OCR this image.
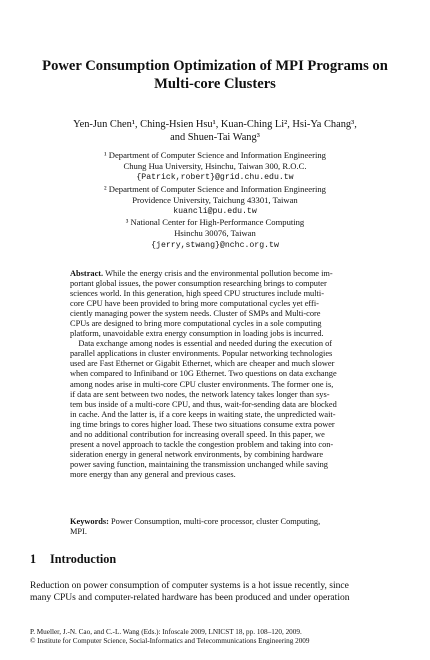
Power Consumption Optimization of MPI Programs on
Multi-core Clusters
Yen-Jun Chen¹, Ching-Hsien Hsu¹, Kuan-Ching Li², Hsi-Ya Chang³,
and Shuen-Tai Wang³
¹ Department of Computer Science and Information Engineering
Chung Hua University, Hsinchu, Taiwan 300, R.O.C.
{Patrick,robert}@grid.chu.edu.tw
² Department of Computer Science and Information Engineering
Providence University, Taichung 43301, Taiwan
kuancli@pu.edu.tw
³ National Center for High-Performance Computing
Hsinchu 30076, Taiwan
{jerry,stwang}@nchc.org.tw

Abstract. While the energy crisis and the environmental pollution become im-

portant global issues, the power consumption researching brings to computer

sciences world. In this generation, high speed CPU structures include multi-

core CPU have been provided to bring more computational cycles yet effi-

ciently managing power the system needs. Cluster of SMPs and Multi-core

CPUs are designed to bring more computational cycles in a sole computing

platform, unavoidable extra energy consumption in loading jobs is incurred.

Data exchange among nodes is essential and needed during the execution of

parallel applications in cluster environments. Popular networking technologies

used are Fast Ethernet or Gigabit Ethernet, which are cheaper and much slower

when compared to Infiniband or 10G Ethernet. Two questions on data exchange

among nodes arise in multi-core CPU cluster environments. The former one is,

if data are sent between two nodes, the network latency takes longer than sys-

tem bus inside of a multi-core CPU, and thus, wait-for-sending data are blocked

in cache. And the latter is, if a core keeps in waiting state, the unpredicted wait-

ing time brings to cores higher load. These two situations consume extra power

and no additional contribution for increasing overall speed. In this paper, we

present a novel approach to tackle the congestion problem and taking into con-

sideration energy in general network environments, by combining hardware

power saving function, maintaining the transmission unchanged while saving

more energy than any general and previous cases.

Keywords: Power Consumption, multi-core processor, cluster Computing,

MPI.

1 Introduction

Reduction on power consumption of computer systems is a hot issue recently, since

many CPUs and computer-related hardware has been produced and under operation

P. Mueller, J.-N. Cao, and C.-L. Wang (Eds.): Infoscale 2009, LNICST 18, pp. 108–120, 2009.

© Institute for Computer Science, Social-Informatics and Telecommunications Engineering 2009
